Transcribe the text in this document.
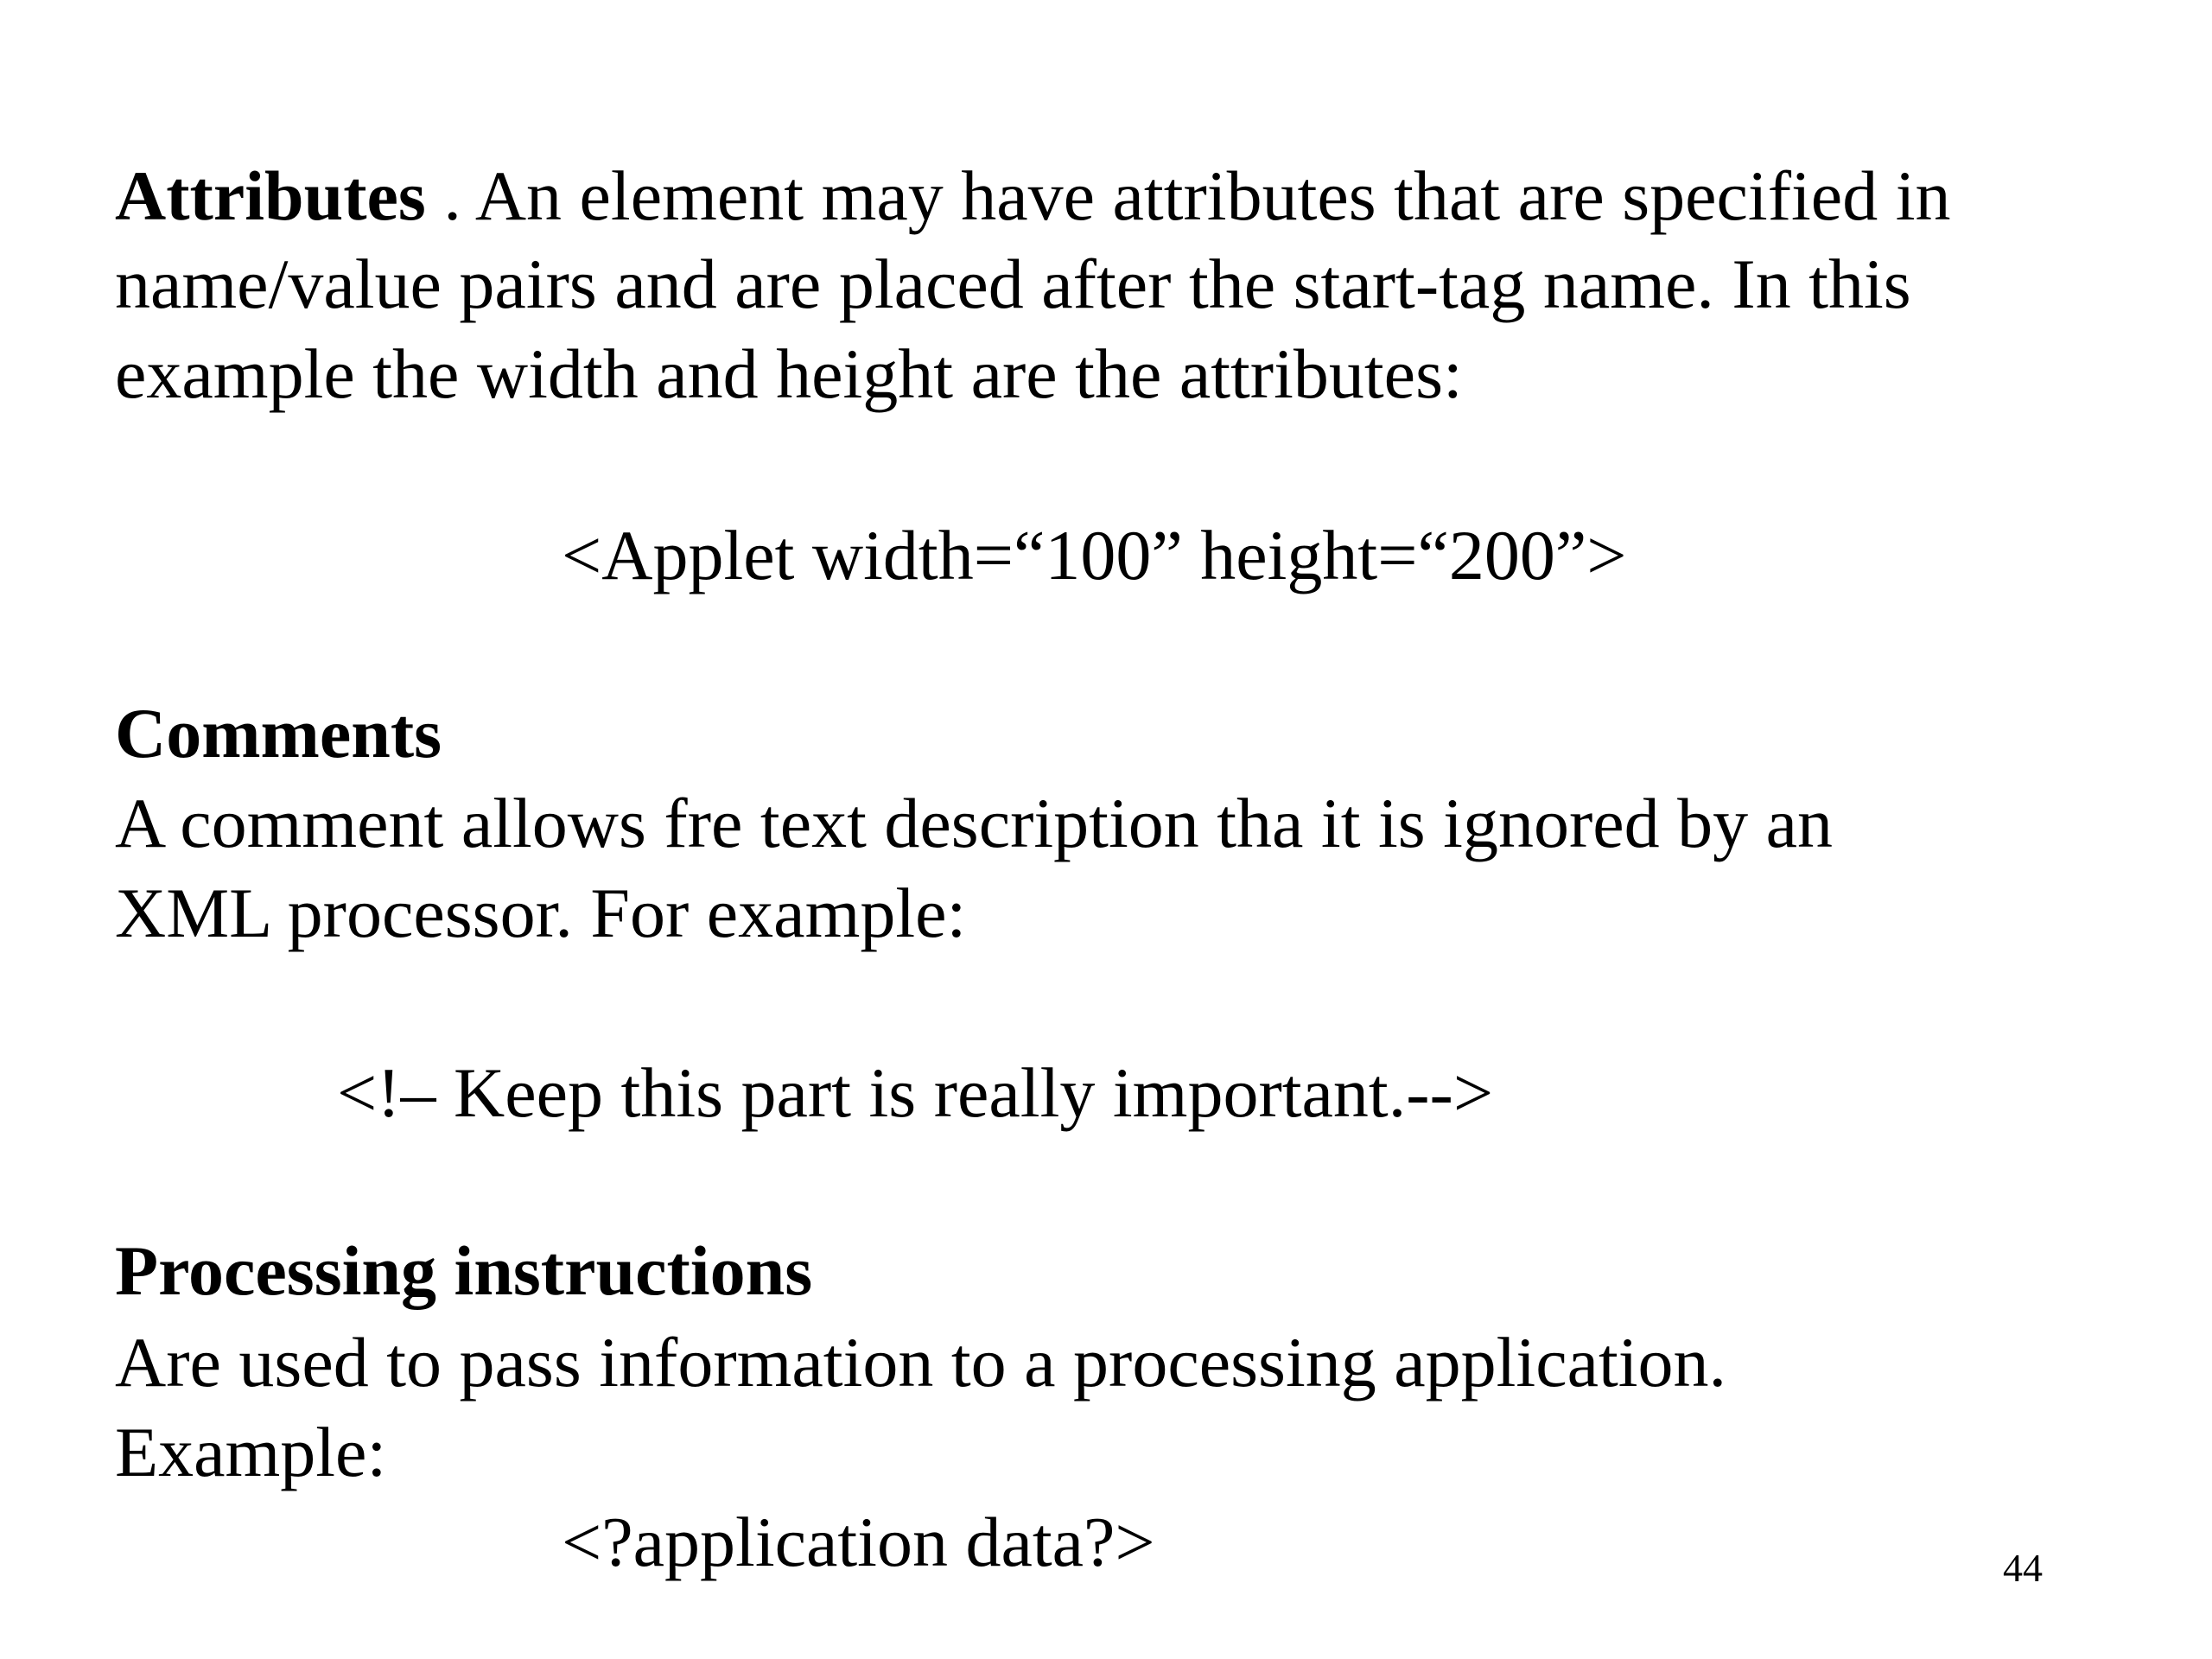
Attributes . An element may have attributes that are specified in
name/value pairs and are placed after the start-tag name. In this
example the width and height are the attributes:
<Applet width=“100” height=“200”>
Comments
A comment allows fre text description tha it is ignored by an
XML processor. For example:
<!– Keep this part is really important.-->
Processing instructions
Are used to pass information to a processing application.
Example:
<?application data?>	44
